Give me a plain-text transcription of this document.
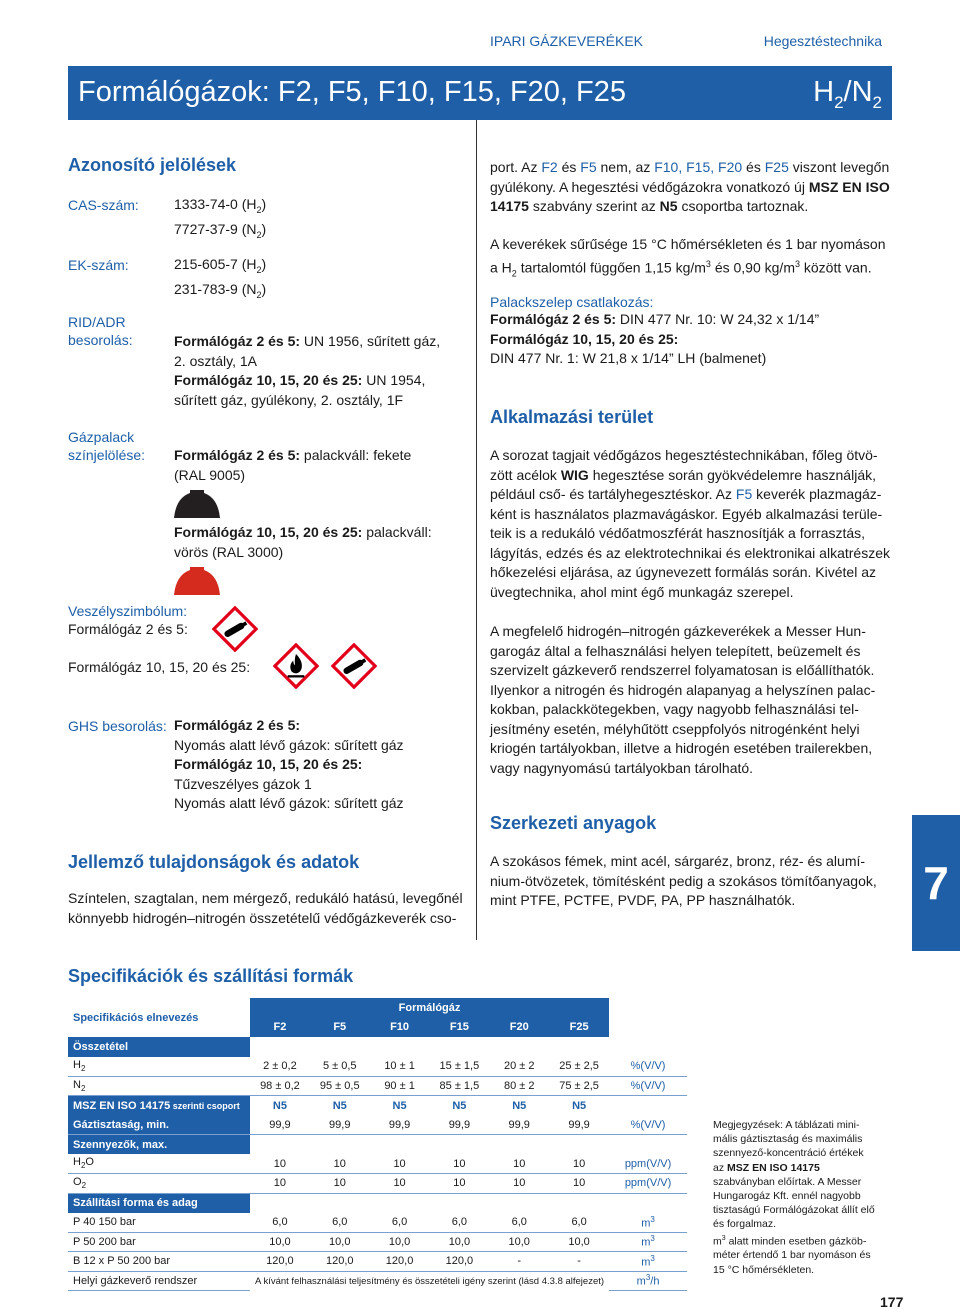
IPARI GÁZKEVERÉKEK	Hegesztéstechnika
Formálógázok: F2, F5, F10, F15, F20, F25	$H_2/N_2$
Azonosító jelölések
CAS-szám:	1333-74-0 $(H_2)$
7727-37-9 $(N_2)$
EK-szám:	215-605-7 $(H_2)$
231-783-9 $(N_2)$
RID/ADR
besorolás:	Formálógáz 2 és 5: UN 1956, sűrített gáz,
2. osztály, 1A
Formálógáz 10, 15, 20 és 25: UN 1954,
sűrített gáz, gyúlékony, 2. osztály, 1F
Gázpalack
színjelölése: Formálógáz 2 és 5: palackváll: fekete
(RAL 9005)
Formálógáz 10, 15, 20 és 25: palackváll:
vörös (RAL 3000)
Veszélyszimbólum:
Formálógáz 2 és 5:
Formálógáz 10, 15, 20 és 25:
GHS besorolás: Formálógáz 2 és 5:
Nyomás alatt lévő gázok: sűrített gáz
Formálógáz 10, 15, 20 és 25:
Tűzveszélyes gázok 1
Nyomás alatt lévő gázok: sűrített gáz
Jellemző tulajdonságok és adatok
Színtelen, szagtalan, nem mérgező, redukáló hatású, levegőnél
könnyebb hidrogén–nitrogén összetételű védőgázkeverék cso-
port. Az F2 és F5 nem, az F10, F15, F20 és F25 viszont levegőn
gyúlékony. A hegesztési védőgázokra vonatkozó új MSZ EN ISO
14175 szabvány szerint az N5 csoportba tartoznak.
A keverékek sűrűsége 15 °C hőmérsékleten és 1 bar nyomáson
a $H_2$ tartalomtól függően 1,15 $kg/m^3$ és 0,90 $kg/m^3$ között van.
Palackszelep csatlakozás:
Formálógáz 2 és 5: DIN 477 Nr. 10: W 24,32 x 1/14”
Formálógáz 10, 15, 20 és 25:
DIN 477 Nr. 1: W 21,8 x 1/14” LH (balmenet)
Alkalmazási terület
A sorozat tagjait védőgázos hegesztéstechnikában, főleg ötvö-
zött acélok WIG hegesztése során gyökvédelemre használják,
például cső- és tartályhegesztéskor. Az F5 keverék plazmagáz-
ként is használatos plazmavágáskor. Egyéb alkalmazási terüle-
teik is a redukáló védőatmoszférát hasznosítják a forrasztás,
lágyítás, edzés és az elektrotechnikai és elektronikai alkatrészek
hőkezelési eljárása, az úgynevezett formálás során. Kivétel az
üvegtechnika, ahol mint égő munkagáz szerepel.
A megfelelő hidrogén–nitrogén gázkeverékek a Messer Hun-
garogáz által a felhasználási helyen telepített, beüzemelt és
szervizelt gázkeverő rendszerrel folyamatosan is előállíthatók.
Ilyenkor a nitrogén és hidrogén alapanyag a helyszínen palac-
kokban, palackkötegekben, vagy nagyobb felhasználási tel-
jesítmény esetén, mélyhűtött cseppfolyós nitrogénként helyi
kriogén tartályokban, illetve a hidrogén esetében trailerekben,
vagy nagynyomású tartályokban tárolható.
Szerkezeti anyagok
A szokásos fémek, mint acél, sárgaréz, bronz, réz- és alumí-
nium-ötvözetek, tömítésként pedig a szokásos tömítőanyagok,
mint PTFE, PCTFE, PVDF, PA, PP használhatók.	7
Specifikációk és szállítási formák
Specifikációs elnevezés	Formálógáz						
	F2	F5	F10	F15	F20	F25	
Összetétel							
$H_2$	2 ± 0,2	5 ± 0,5	10 ± 1	15 ± 1,5	20 ± 2	25 ± 2,5	%(V/V)
$N_2$	98 ± 0,2	95 ± 0,5	90 ± 1	85 ± 1,5	80 ± 2	75 ± 2,5	%(V/V)
MSZ EN ISO 14175 szerinti csoport	N5	N5	N5	N5	N5	N5	
Gáztisztaság, min.	99,9	99,9	99,9	99,9	99,9	99,9	%(V/V)
Szennyezők, max.							
$H_2O$	10	10	10	10	10	10	ppm(V/V)
$O_2$	10	10	10	10	10	10	ppm(V/V)
Szállítási forma és adag							
P 40 150 bar	6,0	6,0	6,0	6,0	6,0	6,0	$m^3$
P 50 200 bar	10,0	10,0	10,0	10,0	10,0	10,0	$m^3$
B 12 x P 50 200 bar	120,0	120,0	120,0	120,0	-	-	$m^3$
Helyi gázkeverő rendszer	A kívánt felhasználási teljesítmény és összetételi igény szerint (lásd 4.3.8 alfejezet)						$m^3/h$
Megjegyzések: A táblázati mini-
mális gáztisztaság és maximális
szennyező-koncentráció értékek
az MSZ EN ISO 14175
szabványban előírtak. A Messer
Hungarogáz Kft. ennél nagyobb
tisztaságú Formálógázokat állít elő
és forgalmaz.
$m^3$ alatt minden esetben gázköb-
méter értendő 1 bar nyomáson és
15 °C hőmérsékleten.
177
